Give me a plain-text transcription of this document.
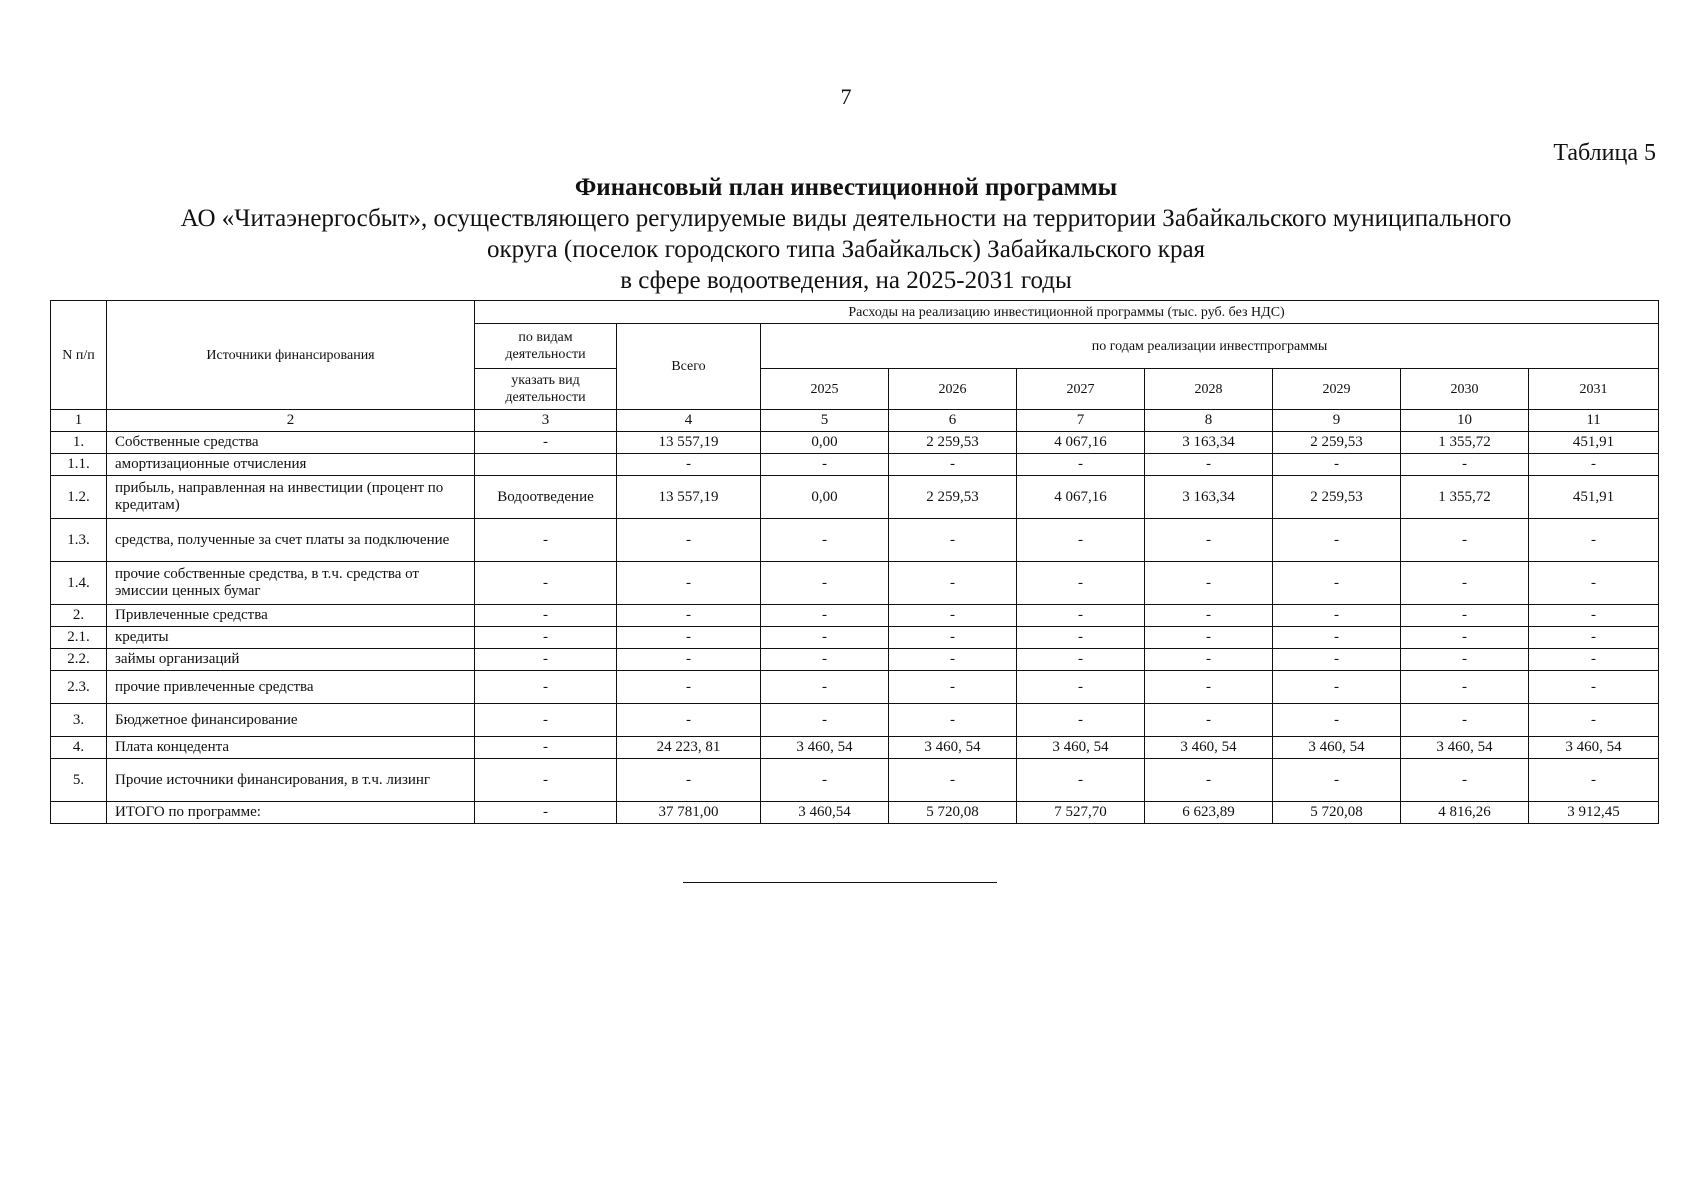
7
Таблица 5
Финансовый план инвестиционной программы
АО «Читаэнергосбыт», осуществляющего регулируемые виды деятельности на территории Забайкальского муниципального
округа (поселок городского типа Забайкальск) Забайкальского края
в сфере водоотведения, на 2025-2031 годы
N п/п	Источники финансирования	Расходы на реализацию инвестиционной программы (тыс. руб. без НДС)								
		по видам деятельности	Всего	по годам реализации инвестпрограммы						
		указать вид деятельности		2025	2026	2027	2028	2029	2030	2031
1	2	3	4	5	6	7	8	9	10	11
1.	Собственные средства	-	13 557,19	0,00	2 259,53	4 067,16	3 163,34	2 259,53	1 355,72	451,91
1.1.	амортизационные отчисления		-	-	-	-	-	-	-	-
1.2.	прибыль, направленная на инвестиции (процент по кредитам)	Водоотведение	13 557,19	0,00	2 259,53	4 067,16	3 163,34	2 259,53	1 355,72	451,91
1.3.	средства, полученные за счет платы за подключение	-	-	-	-	-	-	-	-	-
1.4.	прочие собственные средства, в т.ч. средства от эмиссии ценных бумаг	-	-	-	-	-	-	-	-	-
2.	Привлеченные средства	-	-	-	-	-	-	-	-	-
2.1.	кредиты	-	-	-	-	-	-	-	-	-
2.2.	займы организаций	-	-	-	-	-	-	-	-	-
2.3.	прочие привлеченные средства	-	-	-	-	-	-	-	-	-
3.	Бюджетное финансирование	-	-	-	-	-	-	-	-	-
4.	Плата концедента	-	24 223, 81	3 460, 54	3 460, 54	3 460, 54	3 460, 54	3 460, 54	3 460, 54	3 460, 54
5.	Прочие источники финансирования, в т.ч. лизинг	-	-	-	-	-	-	-	-	-
	ИТОГО по программе:	-	37 781,00	3 460,54	5 720,08	7 527,70	6 623,89	5 720,08	4 816,26	3 912,45
